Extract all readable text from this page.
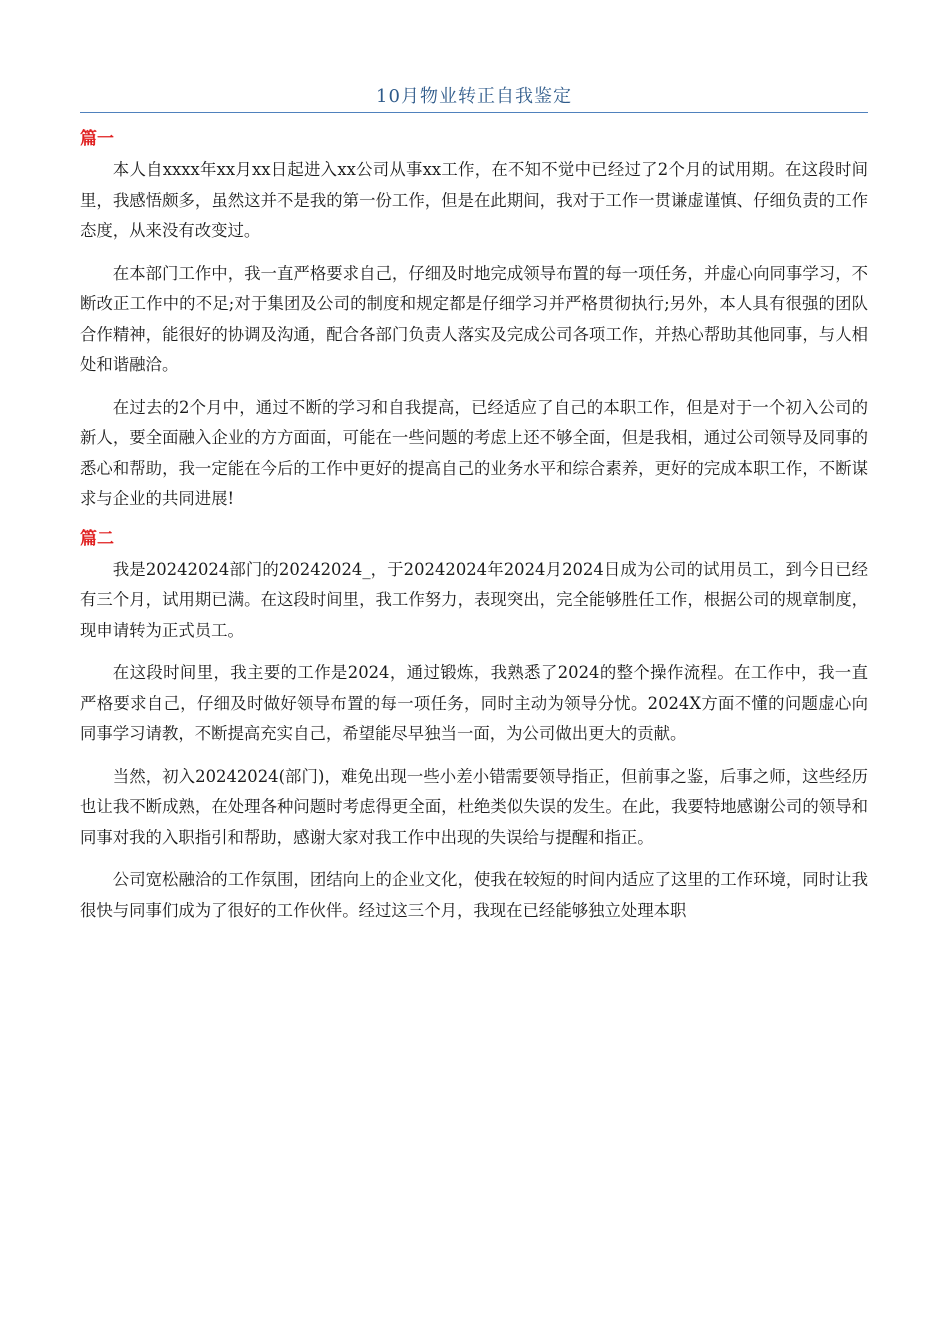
10月物业转正自我鉴定
篇一

本人自xxxx年xx月xx日起进入xx公司从事xx工作，在不知不觉中已经过了2个月的试用期。在这段时间里，我感悟颇多，虽然这并不是我的第一份工作，但是在此期间，我对于工作一贯谦虚谨慎、仔细负责的工作态度，从来没有改变过。

在本部门工作中，我一直严格要求自己，仔细及时地完成领导布置的每一项任务，并虚心向同事学习，不断改正工作中的不足;对于集团及公司的制度和规定都是仔细学习并严格贯彻执行;另外，本人具有很强的团队合作精神，能很好的协调及沟通，配合各部门负责人落实及完成公司各项工作，并热心帮助其他同事，与人相处和谐融洽。

在过去的2个月中，通过不断的学习和自我提高，已经适应了自己的本职工作，但是对于一个初入公司的新人，要全面融入企业的方方面面，可能在一些问题的考虑上还不够全面，但是我相，通过公司领导及同事的悉心和帮助，我一定能在今后的工作中更好的提高自己的业务水平和综合素养，更好的完成本职工作，不断谋求与企业的共同进展!

篇二

我是20242024部门的20242024_，于20242024年2024月2024日成为公司的试用员工，到今日已经有三个月，试用期已满。在这段时间里，我工作努力，表现突出，完全能够胜任工作，根据公司的规章制度，现申请转为正式员工。

在这段时间里，我主要的工作是2024，通过锻炼，我熟悉了2024的整个操作流程。在工作中，我一直严格要求自己，仔细及时做好领导布置的每一项任务，同时主动为领导分忧。2024X方面不懂的问题虚心向同事学习请教，不断提高充实自己，希望能尽早独当一面，为公司做出更大的贡献。

当然，初入20242024(部门)，难免出现一些小差小错需要领导指正，但前事之鉴，后事之师，这些经历也让我不断成熟，在处理各种问题时考虑得更全面，杜绝类似失误的发生。在此，我要特地感谢公司的领导和同事对我的入职指引和帮助，感谢大家对我工作中出现的失误给与提醒和指正。

公司宽松融洽的工作氛围，团结向上的企业文化，使我在较短的时间内适应了这里的工作环境，同时让我很快与同事们成为了很好的工作伙伴。经过这三个月，我现在已经能够独立处理本职
